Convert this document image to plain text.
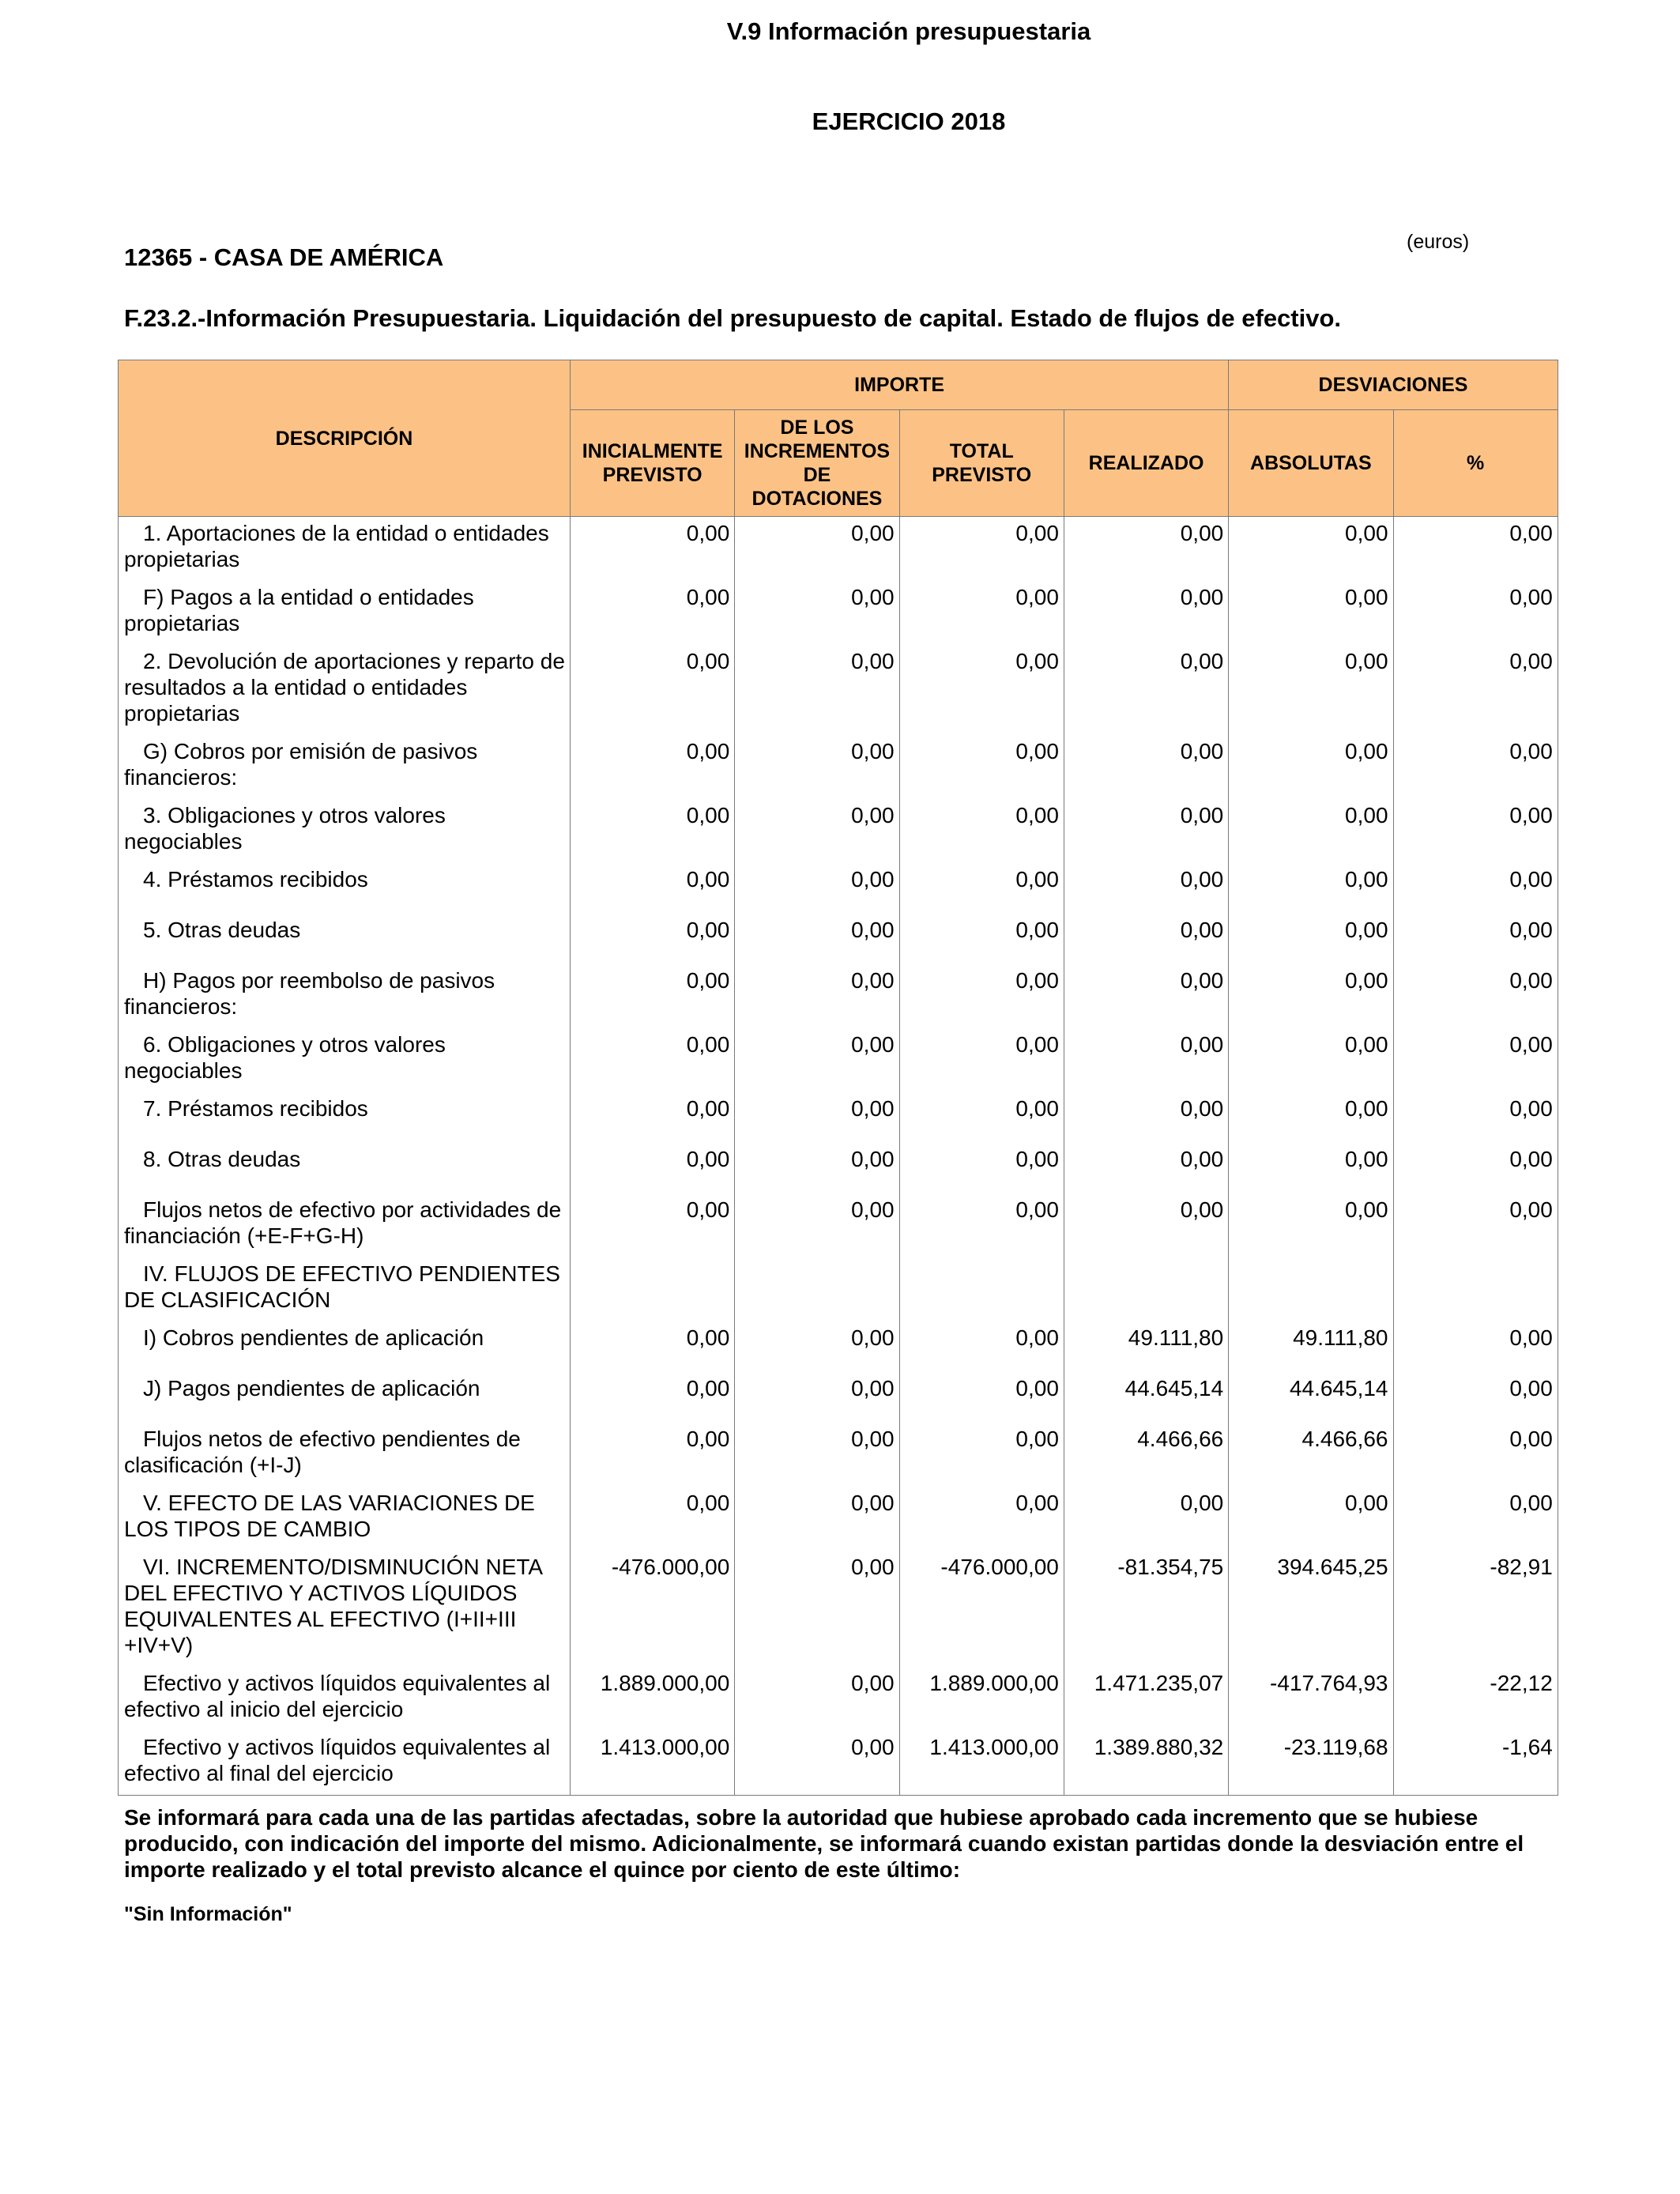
V.9 Información presupuestaria
EJERCICIO 2018
12365 - CASA DE AMÉRICA
(euros)
F.23.2.-Información Presupuestaria. Liquidación del presupuesto de capital. Estado de flujos de efectivo.
DESCRIPCIÓN	IMPORTE				DESVIACIONES	
	INICIALMENTE PREVISTO	DE LOS INCREMENTOS DE DOTACIONES	TOTAL PREVISTO	REALIZADO	ABSOLUTAS	%
1. Aportaciones de la entidad o entidades propietarias	0,00	0,00	0,00	0,00	0,00	0,00
F) Pagos a la entidad o entidades propietarias	0,00	0,00	0,00	0,00	0,00	0,00
2. Devolución de aportaciones y reparto de resultados a la entidad o entidades propietarias	0,00	0,00	0,00	0,00	0,00	0,00
G) Cobros por emisión de pasivos financieros:	0,00	0,00	0,00	0,00	0,00	0,00
3. Obligaciones y otros valores negociables	0,00	0,00	0,00	0,00	0,00	0,00
4. Préstamos recibidos	0,00	0,00	0,00	0,00	0,00	0,00
5. Otras deudas	0,00	0,00	0,00	0,00	0,00	0,00
H) Pagos por reembolso de pasivos financieros:	0,00	0,00	0,00	0,00	0,00	0,00
6. Obligaciones y otros valores negociables	0,00	0,00	0,00	0,00	0,00	0,00
7. Préstamos recibidos	0,00	0,00	0,00	0,00	0,00	0,00
8. Otras deudas	0,00	0,00	0,00	0,00	0,00	0,00
Flujos netos de efectivo por actividades de financiación (+E-F+G-H)	0,00	0,00	0,00	0,00	0,00	0,00
IV. FLUJOS DE EFECTIVO PENDIENTES DE CLASIFICACIÓN						
I) Cobros pendientes de aplicación	0,00	0,00	0,00	49.111,80	49.111,80	0,00
J) Pagos pendientes de aplicación	0,00	0,00	0,00	44.645,14	44.645,14	0,00
Flujos netos de efectivo pendientes de clasificación (+I-J)	0,00	0,00	0,00	4.466,66	4.466,66	0,00
V. EFECTO DE LAS VARIACIONES DE LOS TIPOS DE CAMBIO	0,00	0,00	0,00	0,00	0,00	0,00
VI. INCREMENTO/DISMINUCIÓN NETA DEL EFECTIVO Y ACTIVOS LÍQUIDOS EQUIVALENTES AL EFECTIVO (I+II+III +IV+V)	-476.000,00	0,00	-476.000,00	-81.354,75	394.645,25	-82,91
Efectivo y activos líquidos equivalentes al efectivo al inicio del ejercicio	1.889.000,00	0,00	1.889.000,00	1.471.235,07	-417.764,93	-22,12
Efectivo y activos líquidos equivalentes al efectivo al final del ejercicio	1.413.000,00	0,00	1.413.000,00	1.389.880,32	-23.119,68	-1,64
Se informará para cada una de las partidas afectadas, sobre la autoridad que hubiese aprobado cada incremento que se hubiese producido, con indicación del importe del mismo. Adicionalmente, se informará cuando existan partidas donde la desviación entre el importe realizado y el total previsto alcance el quince por ciento de este último:
"Sin Información"
